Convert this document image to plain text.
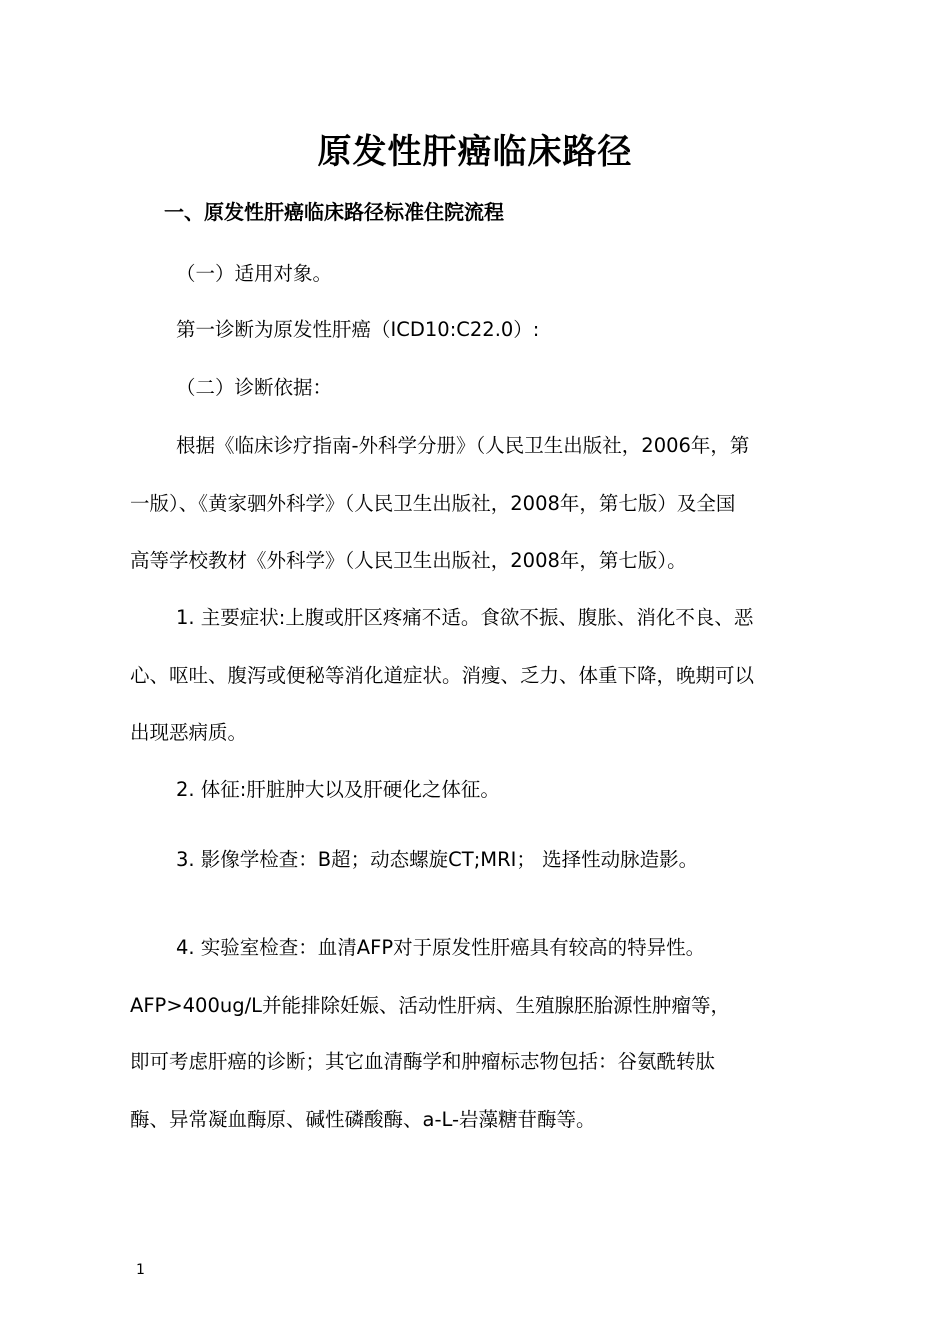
原发性肝癌临床路径
一、原发性肝癌临床路径标准住院流程
（一）适用对象。
第一诊断为原发性肝癌（ICD10:C22.0）:
（二）诊断依据：
根据《临床诊疗指南-外科学分册》（人民卫生出版社，2006年，第
一版）、《黄家驷外科学》（人民卫生出版社，2008年，第七版）及全国
高等学校教材《外科学》（人民卫生出版社，2008年，第七版）。
1. 主要症状:上腹或肝区疼痛不适。食欲不振、腹胀、消化不良、恶
心、呕吐、腹泻或便秘等消化道症状。消瘦、乏力、体重下降，晚期可以
出现恶病质。
2. 体征:肝脏肿大以及肝硬化之体征。
3. 影像学检查：B超；动态螺旋CT;MRI； 选择性动脉造影。
4. 实验室检查：血清AFP对于原发性肝癌具有较高的特异性。
AFP>400ug/L并能排除妊娠、活动性肝病、生殖腺胚胎源性肿瘤等，
即可考虑肝癌的诊断；其它血清酶学和肿瘤标志物包括：谷氨酰转肽
酶、异常凝血酶原、碱性磷酸酶、a-L-岩藻糖苷酶等。
1
